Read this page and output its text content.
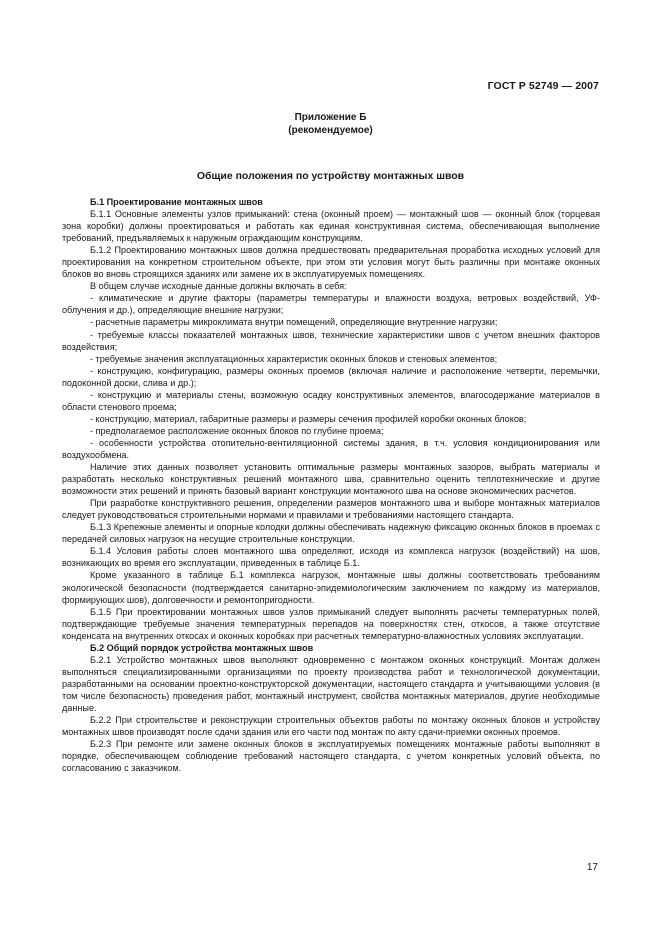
ГОСТ Р 52749 — 2007
Приложение Б
(рекомендуемое)
Общие положения по устройству монтажных швов

Б.1 Проектирование монтажных швов

Б.1.1 Основные элементы узлов примыканий: стена (оконный проем) — монтажный шов — оконный блок (торцевая зона коробки) должны проектироваться и работать как единая конструктивная система, обеспечивающая выполнение требований, предъявляемых к наружным ограждающим конструкциям.

Б.1.2 Проектированию монтажных швов должна предшествовать предварительная проработка исходных условий для проектирования на конкретном строительном объекте, при этом эти условия могут быть различны при монтаже оконных блоков во вновь строящихся зданиях или замене их в эксплуатируемых помещениях.

В общем случае исходные данные должны включать в себя:

- климатические и другие факторы (параметры температуры и влажности воздуха, ветровых воздействий, УФ-облучения и др.), определяющие внешние нагрузки;

- расчетные параметры микроклимата внутри помещений, определяющие внутренние нагрузки;

- требуемые классы показателей монтажных швов, технические характеристики швов с учетом внешних факторов воздействия;

- требуемые значения эксплуатационных характеристик оконных блоков и стеновых элементов;

- конструкцию, конфигурацию, размеры оконных проемов (включая наличие и расположение четверти, перемычки, подоконной доски, слива и др.);

- конструкцию и материалы стены, возможную осадку конструктивных элементов, влагосодержание материалов в области стенового проема;

- конструкцию, материал, габаритные размеры и размеры сечения профилей коробки оконных блоков;

- предполагаемое расположение оконных блоков по глубине проема;

- особенности устройства отопительно-вентиляционной системы здания, в т.ч. условия кондиционирования или воздухообмена.

Наличие этих данных позволяет установить оптимальные размеры монтажных зазоров, выбрать материалы и разработать несколько конструктивных решений монтажного шва, сравнительно оценить теплотехнические и другие возможности этих решений и принять базовый вариант конструкции монтажного шва на основе экономических расчетов.

При разработке конструктивного решения, определении размеров монтажного шва и выборе монтажных материалов следует руководствоваться строительными нормами и правилами и требованиями настоящего стандарта.

Б.1.3 Крепежные элементы и опорные колодки должны обеспечивать надежную фиксацию оконных блоков в проемах с передачей силовых нагрузок на несущие строительные конструкции.

Б.1.4 Условия работы слоев монтажного шва определяют, исходя из комплекса нагрузок (воздействий) на шов, возникающих во время его эксплуатации, приведенных в таблице Б.1.

Кроме указанного в таблице Б.1 комплекса нагрузок, монтажные швы должны соответствовать требованиям экологической безопасности (подтверждается санитарно-эпидемиологическим заключением по каждому из материалов, формирующих шов), долговечности и ремонтопригодности.

Б.1.5 При проектировании монтажных швов узлов примыканий следует выполнять расчеты температурных полей, подтверждающие требуемые значения температурных перепадов на поверхностях стен, откосов, а также отсутствие конденсата на внутренних откосах и оконных коробках при расчетных температурно-влажностных условиях эксплуатации.

Б.2 Общий порядок устройства монтажных швов

Б.2.1 Устройство монтажных швов выполняют одновременно с монтажом оконных конструкций. Монтаж должен выполняться специализированными организациями по проекту производства работ и технологической документации, разработанными на основании проектно-конструкторской документации, настоящего стандарта и учитывающими условия (в том числе безопасность) проведения работ, монтажный инструмент, свойства монтажных материалов, другие необходимые данные.

Б.2.2 При строительстве и реконструкции строительных объектов работы по монтажу оконных блоков и устройству монтажных швов производят после сдачи здания или его части под монтаж по акту сдачи-приемки оконных проемов.

Б.2.3 При ремонте или замене оконных блоков в эксплуатируемых помещениях монтажные работы выполняют в порядке, обеспечивающем соблюдение требований настоящего стандарта, с учетом конкретных условий объекта, по согласованию с заказчиком.

17
